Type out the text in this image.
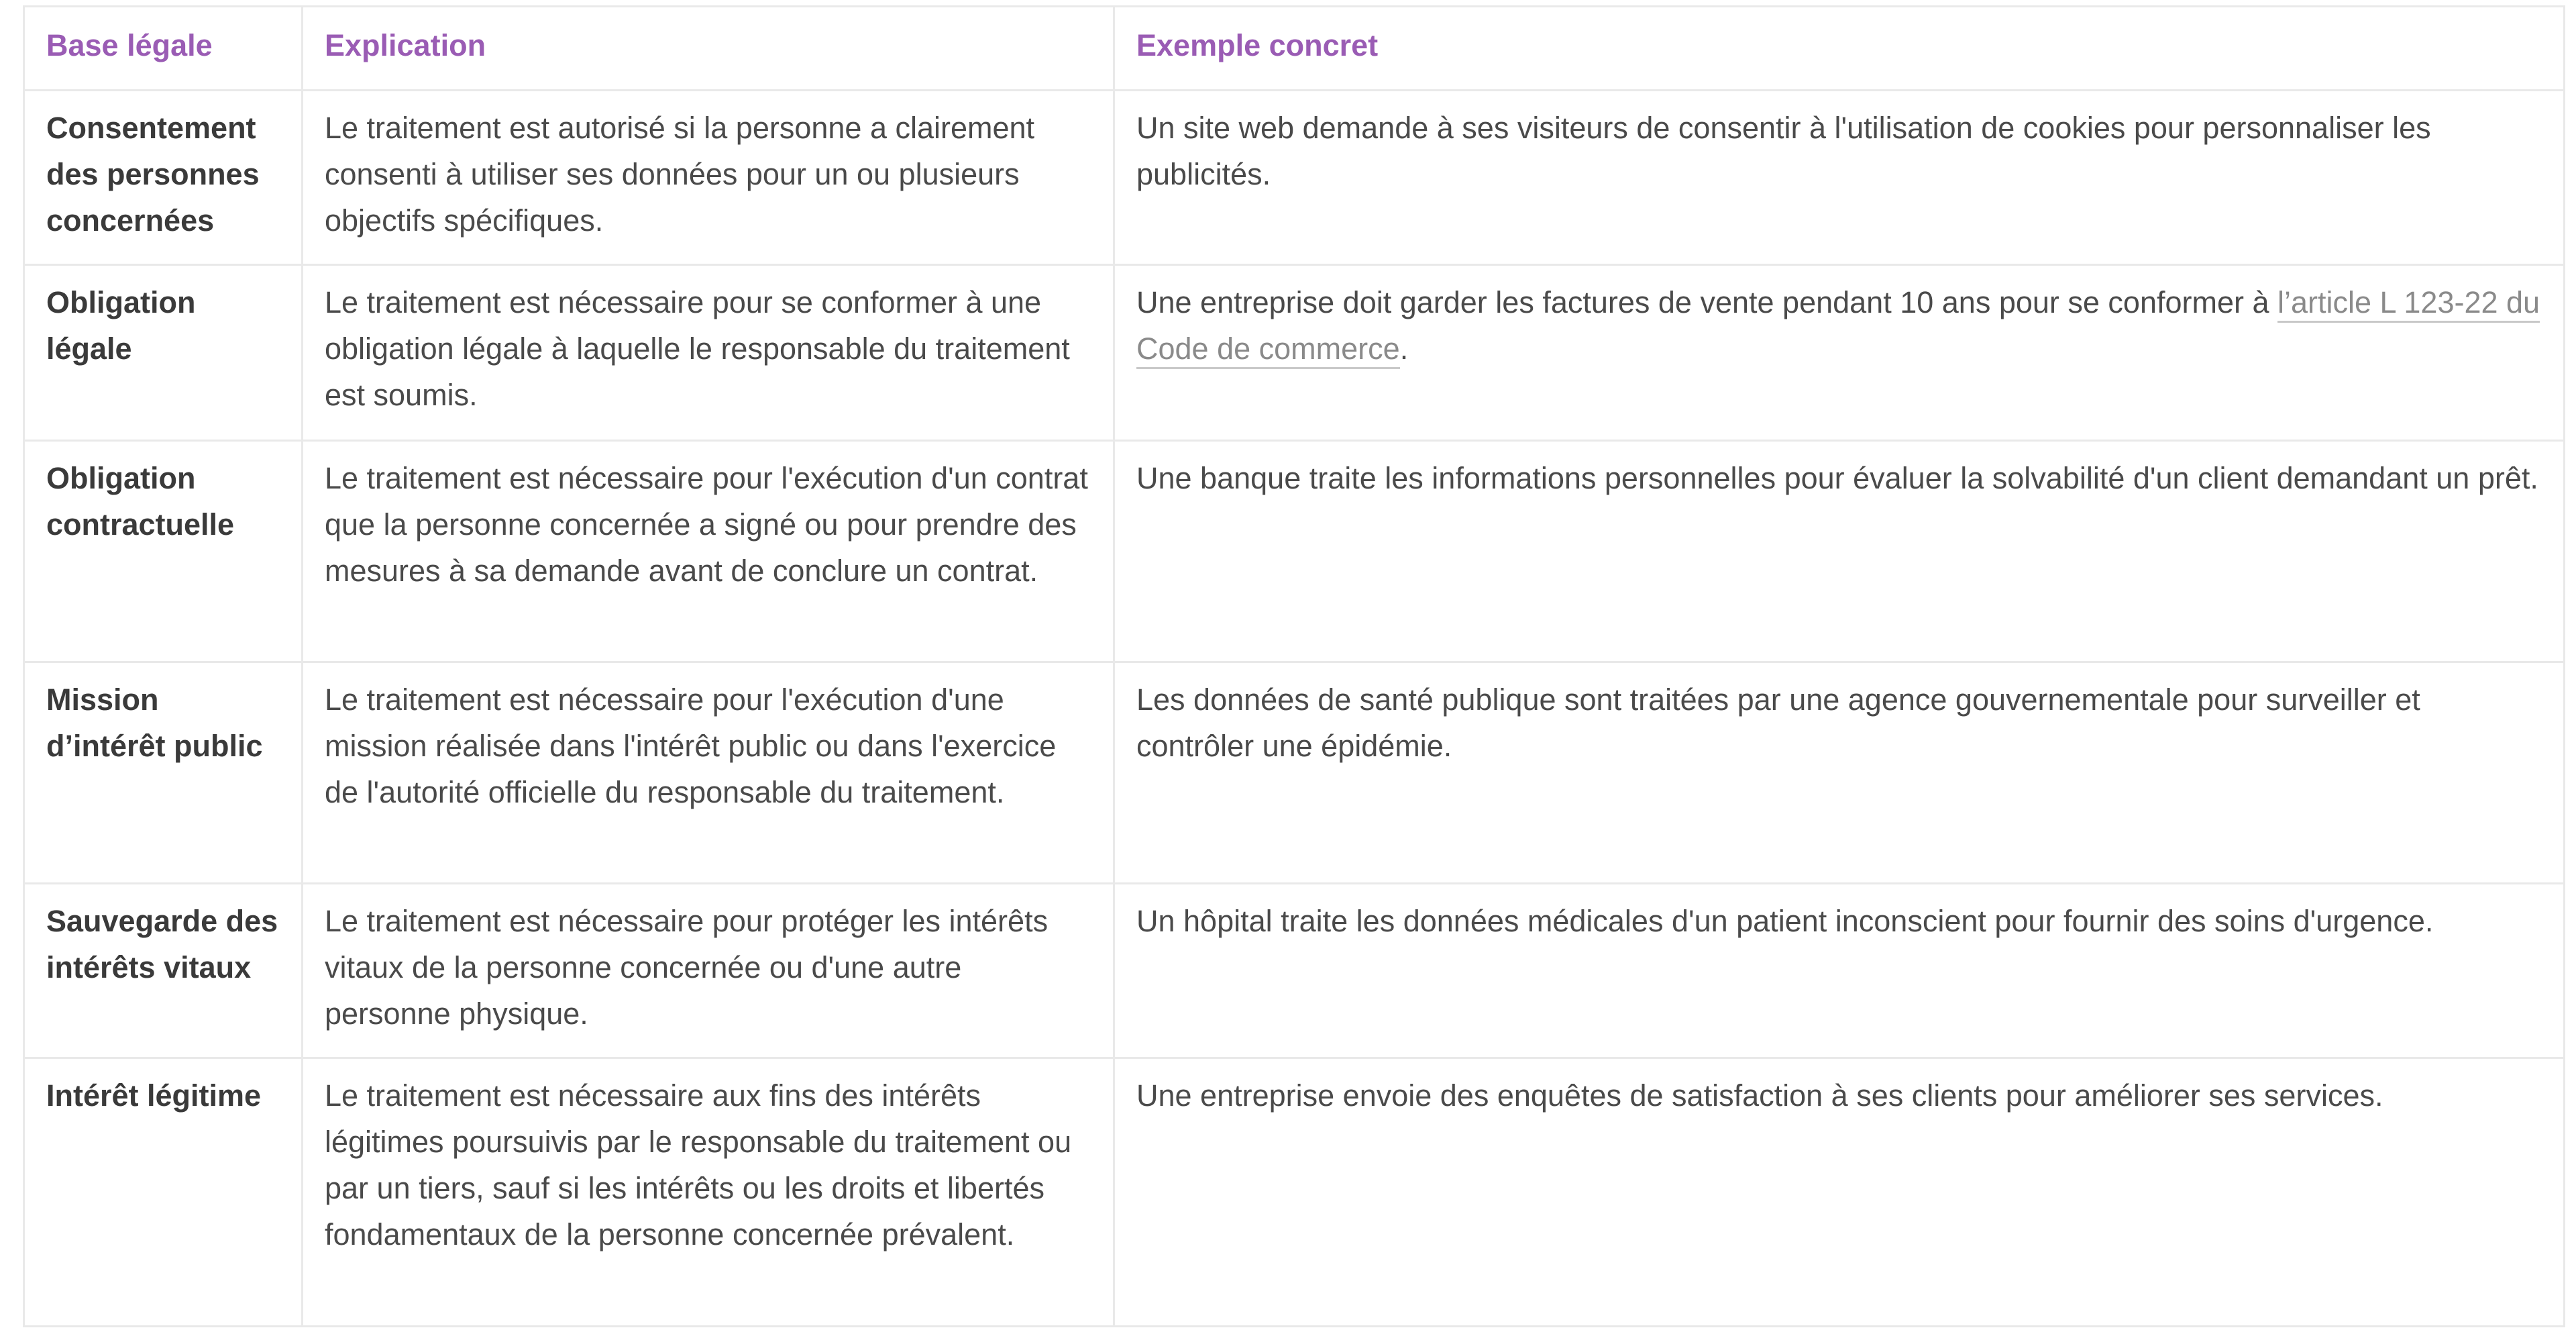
Base légale	Explication	Exemple concret
Consentement des personnes concernées	Le traitement est autorisé si la personne a clairement consenti à utiliser ses données pour un ou plusieurs objectifs spécifiques.	Un site web demande à ses visiteurs de consentir à l'utilisation de cookies pour personnaliser les publicités.
Obligation légale	Le traitement est nécessaire pour se conformer à une obligation légale à laquelle le responsable du traitement est soumis.	Une entreprise doit garder les factures de vente pendant 10 ans pour se conformer à l’article L 123-22 du Code de commerce.
Obligation contractuelle	Le traitement est nécessaire pour l'exécution d'un contrat que la personne concernée a signé ou pour prendre des mesures à sa demande avant de conclure un contrat.	Une banque traite les informations personnelles pour évaluer la solvabilité d'un client demandant un prêt.
Mission d’intérêt public	Le traitement est nécessaire pour l'exécution d'une mission réalisée dans l'intérêt public ou dans l'exercice de l'autorité officielle du responsable du traitement.	Les données de santé publique sont traitées par une agence gouvernementale pour surveiller et contrôler une épidémie.
Sauvegarde des intérêts vitaux	Le traitement est nécessaire pour protéger les intérêts vitaux de la personne concernée ou d'une autre personne physique.	Un hôpital traite les données médicales d'un patient inconscient pour fournir des soins d'urgence.
Intérêt légitime	Le traitement est nécessaire aux fins des intérêts légitimes poursuivis par le responsable du traitement ou par un tiers, sauf si les intérêts ou les droits et libertés fondamentaux de la personne concernée prévalent.	Une entreprise envoie des enquêtes de satisfaction à ses clients pour améliorer ses services.
